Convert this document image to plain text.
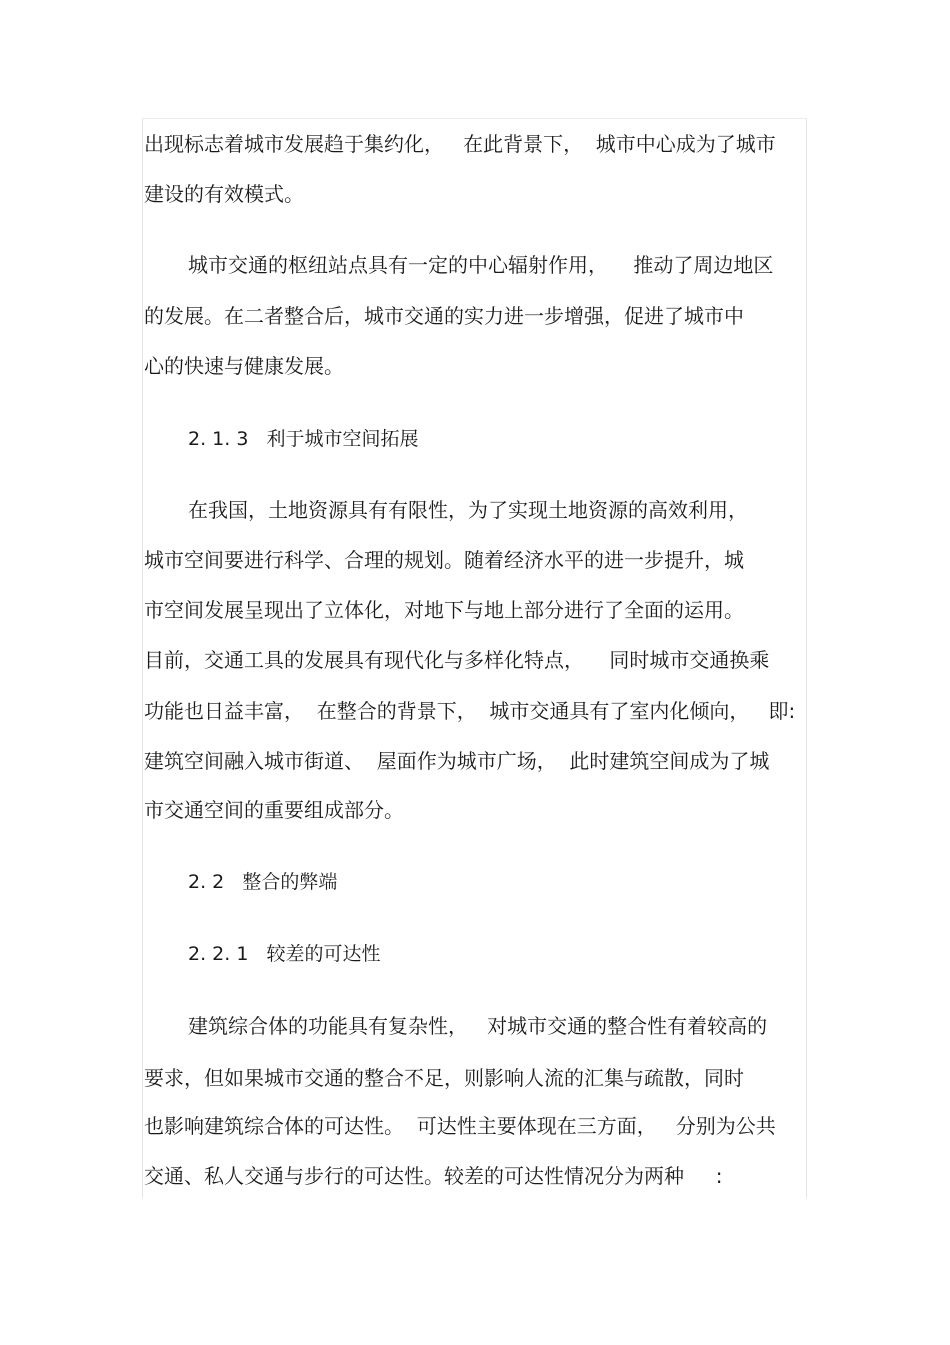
出现标志着城市发展趋于集约化，   在此背景下，  城市中心成为了城市
建设的有效模式。
城市交通的枢纽站点具有一定的中心辐射作用，    推动了周边地区
的发展。在二者整合后，城市交通的实力进一步增强，促进了城市中
心的快速与健康发展。
2. 1. 3   利于城市空间拓展
在我国，土地资源具有有限性，为了实现土地资源的高效利用，
城市空间要进行科学、合理的规划。随着经济水平的进一步提升，城
市空间发展呈现出了立体化，对地下与地上部分进行了全面的运用。
目前，交通工具的发展具有现代化与多样化特点，    同时城市交通换乘
功能也日益丰富，  在整合的背景下，  城市交通具有了室内化倾向，   即:
建筑空间融入城市街道、  屋面作为城市广场，  此时建筑空间成为了城
市交通空间的重要组成部分。
2. 2   整合的弊端
2. 2. 1   较差的可达性
建筑综合体的功能具有复杂性，   对城市交通的整合性有着较高的
要求，但如果城市交通的整合不足，则影响人流的汇集与疏散，同时
也影响建筑综合体的可达性。  可达性主要体现在三方面，   分别为公共
交通、私人交通与步行的可达性。较差的可达性情况分为两种     :
